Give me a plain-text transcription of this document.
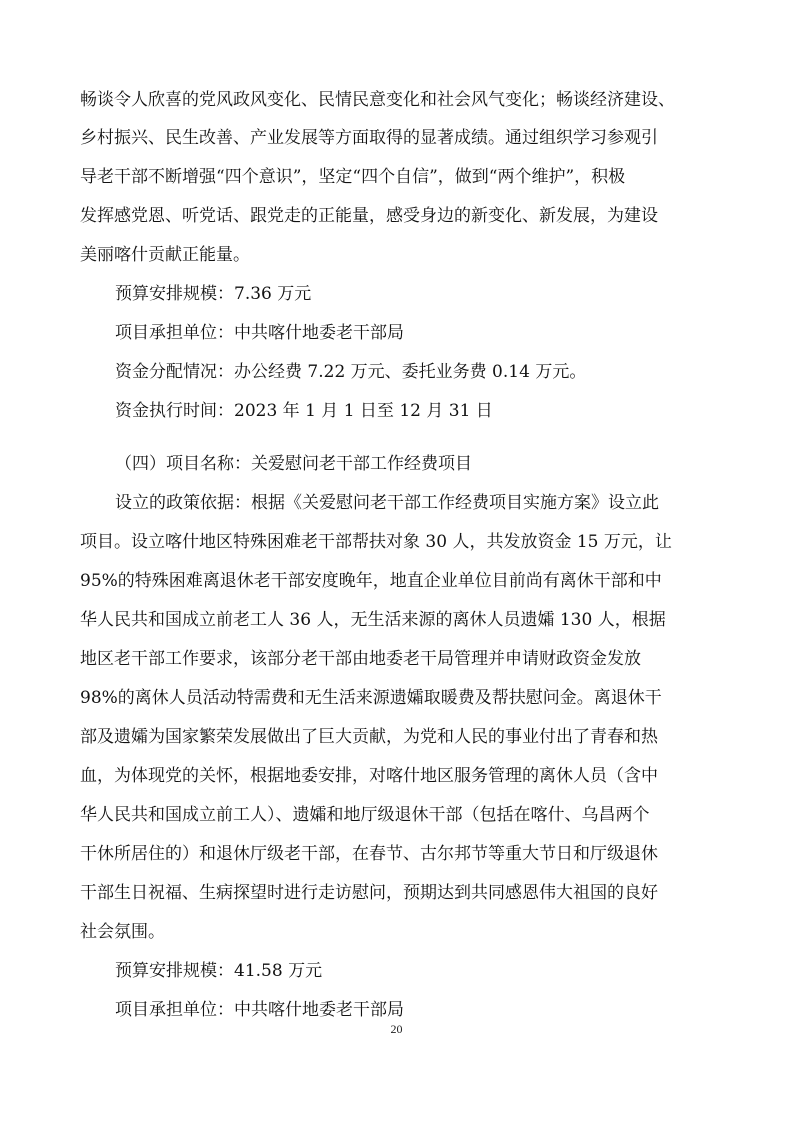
畅谈令人欣喜的党风政风变化、民情民意变化和社会风气变化；畅谈经济建设、
乡村振兴、民生改善、产业发展等方面取得的显著成绩。通过组织学习参观引
导老干部不断增强“四个意识”，坚定“四个自信”，做到“两个维护”，积极
发挥感党恩、听党话、跟党走的正能量，感受身边的新变化、新发展，为建设
美丽喀什贡献正能量。
预算安排规模：7.36 万元
项目承担单位：中共喀什地委老干部局
资金分配情况：办公经费 7.22 万元、委托业务费 0.14 万元。
资金执行时间：2023 年 1 月 1 日至 12 月 31 日
（四）项目名称：关爱慰问老干部工作经费项目
设立的政策依据：根据《关爱慰问老干部工作经费项目实施方案》设立此
项目。设立喀什地区特殊困难老干部帮扶对象 30 人，共发放资金 15 万元，让
95%的特殊困难离退休老干部安度晚年，地直企业单位目前尚有离休干部和中
华人民共和国成立前老工人 36 人，无生活来源的离休人员遗孀 130 人，根据
地区老干部工作要求，该部分老干部由地委老干局管理并申请财政资金发放
98%的离休人员活动特需费和无生活来源遗孀取暖费及帮扶慰问金。离退休干
部及遗孀为国家繁荣发展做出了巨大贡献，为党和人民的事业付出了青春和热
血，为体现党的关怀，根据地委安排，对喀什地区服务管理的离休人员（含中
华人民共和国成立前工人）、遗孀和地厅级退休干部（包括在喀什、乌昌两个
干休所居住的）和退休厅级老干部，在春节、古尔邦节等重大节日和厅级退休
干部生日祝福、生病探望时进行走访慰问，预期达到共同感恩伟大祖国的良好
社会氛围。
预算安排规模：41.58 万元
项目承担单位：中共喀什地委老干部局
20
